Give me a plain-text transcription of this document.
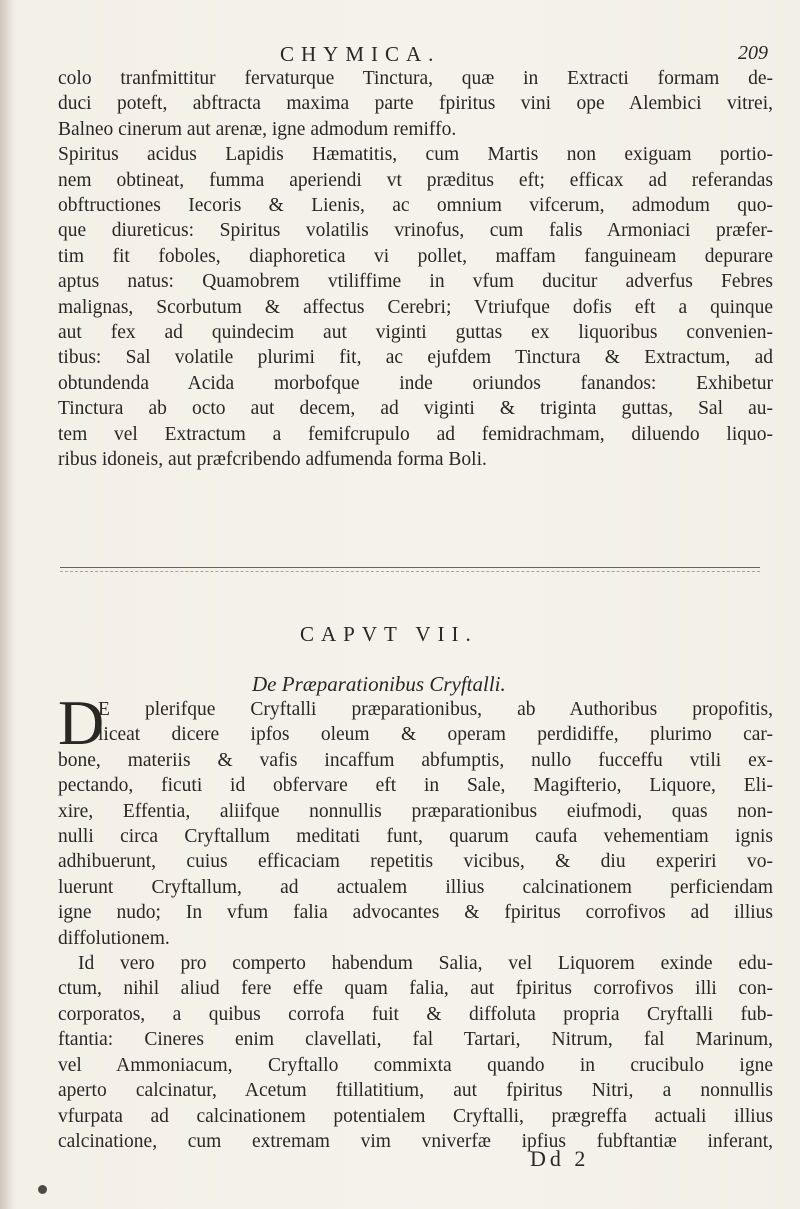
CHYMICA.	209
colo tranfmittitur fervaturque Tinctura, quæ in Extracti formam de-
duci poteft, abftracta maxima parte fpiritus vini ope Alembici vitrei,
Balneo cinerum aut arenæ, igne admodum remiffo.
Spiritus acidus Lapidis Hæmatitis, cum Martis non exiguam portio-
nem obtineat, fumma aperiendi vt præditus eft; efficax ad referandas
obftructiones Iecoris & Lienis, ac omnium vifcerum, admodum quo-
que diureticus: Spiritus volatilis vrinofus, cum falis Armoniaci præfer-
tim fit foboles, diaphoretica vi pollet, maffam fanguineam depurare
aptus natus: Quamobrem vtiliffime in vfum ducitur adverfus Febres
malignas, Scorbutum & affectus Cerebri; Vtriufque dofis eft a quinque
aut fex ad quindecim aut viginti guttas ex liquoribus convenien-
tibus: Sal volatile plurimi fit, ac ejufdem Tinctura & Extractum, ad
obtundenda Acida morbofque inde oriundos fanandos: Exhibetur
Tinctura ab octo aut decem, ad viginti & triginta guttas, Sal au-
tem vel Extractum a femifcrupulo ad femidrachmam, diluendo liquo-
ribus idoneis, aut præfcribendo adfumenda forma Boli.
CAPVT VII.
De Præparationibus Cryftalli.
D
E plerifque Cryftalli præparationibus, ab Authoribus propofitis,
liceat dicere ipfos oleum & operam perdidiffe, plurimo car-
bone, materiis & vafis incaffum abfumptis, nullo fucceffu vtili ex-
pectando, ficuti id obfervare eft in Sale, Magifterio, Liquore, Eli-
xire, Effentia, aliifque nonnullis præparationibus eiufmodi, quas non-
nulli circa Cryftallum meditati funt, quarum caufa vehementiam ignis
adhibuerunt, cuius efficaciam repetitis vicibus, & diu experiri vo-
luerunt Cryftallum, ad actualem illius calcinationem perficiendam
igne nudo; In vfum falia advocantes & fpiritus corrofivos ad illius
diffolutionem.
Id vero pro comperto habendum Salia, vel Liquorem exinde edu-
ctum, nihil aliud fere effe quam falia, aut fpiritus corrofivos illi con-
corporatos, a quibus corrofa fuit & diffoluta propria Cryftalli fub-
ftantia: Cineres enim clavellati, fal Tartari, Nitrum, fal Marinum,
vel Ammoniacum, Cryftallo commixta quando in crucibulo igne
aperto calcinatur, Acetum ftillatitium, aut fpiritus Nitri, a nonnullis
vfurpata ad calcinationem potentialem Cryftalli, prægreffa actuali illius
calcinatione, cum extremam vim vniverfæ ipfius fubftantiæ inferant,
Dd 2
